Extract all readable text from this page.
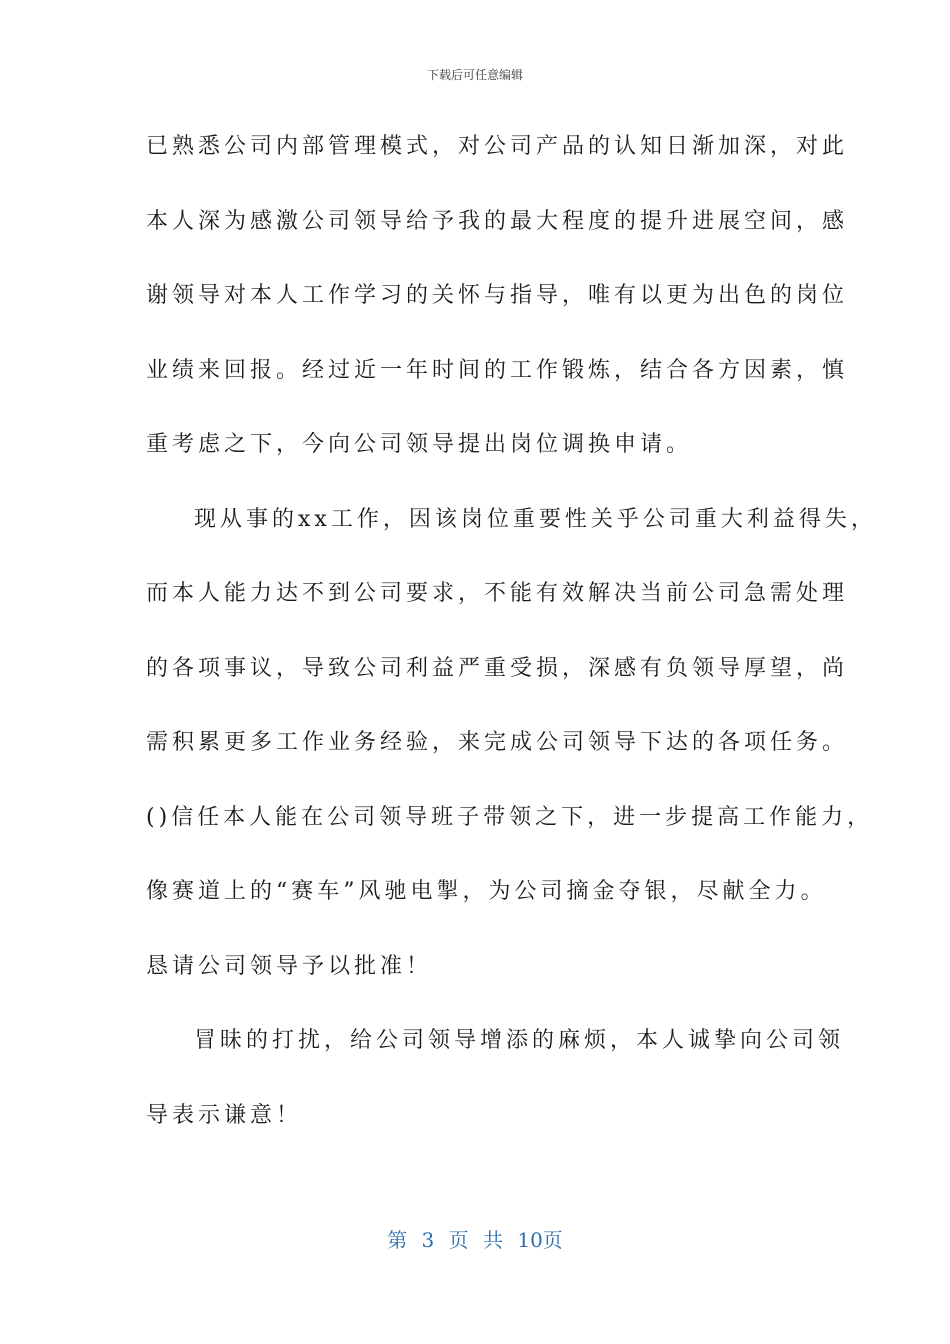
下载后可任意编辑
已熟悉公司内部管理模式，对公司产品的认知日渐加深，对此
本人深为感激公司领导给予我的最大程度的提升进展空间，感
谢领导对本人工作学习的关怀与指导，唯有以更为出色的岗位
业绩来回报。经过近一年时间的工作锻炼，结合各方因素，慎
重考虑之下，今向公司领导提出岗位调换申请。
现从事的xx工作，因该岗位重要性关乎公司重大利益得失，
而本人能力达不到公司要求，不能有效解决当前公司急需处理
的各项事议，导致公司利益严重受损，深感有负领导厚望，尚
需积累更多工作业务经验，来完成公司领导下达的各项任务。
()信任本人能在公司领导班子带领之下，进一步提高工作能力，
像赛道上的“赛车”风驰电掣，为公司摘金夺银，尽献全力。
恳请公司领导予以批准！
冒昧的打扰，给公司领导增添的麻烦，本人诚挚向公司领
导表示谦意！
第 3 页 共 10页
